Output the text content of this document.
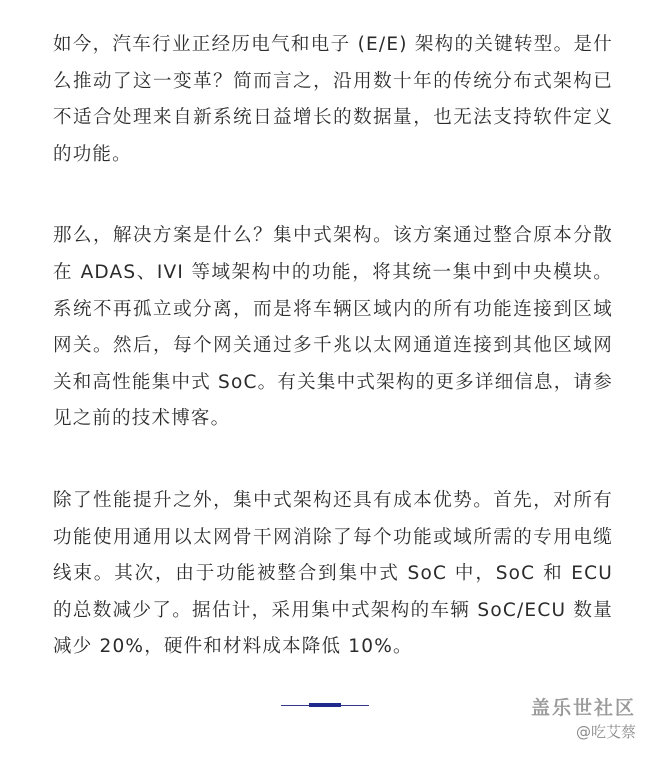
如今，汽车行业正经历电气和电子 (E/E) 架构的关键转型。是什么推动了这一变革？简而言之，沿用数十年的传统分布式架构已不适合处理来自新系统日益增长的数据量，也无法支持软件定义的功能。

那么，解决方案是什么？集中式架构。该方案通过整合原本分散在 ADAS、IVI 等域架构中的功能，将其统一集中到中央模块。系统不再孤立或分离，而是将车辆区域内的所有功能连接到区域网关。然后，每个网关通过多千兆以太网通道连接到其他区域网关和高性能集中式 SoC。有关集中式架构的更多详细信息，请参见之前的技术博客。

除了性能提升之外，集中式架构还具有成本优势。首先，对所有功能使用通用以太网骨干网消除了每个功能或域所需的专用电缆线束。其次，由于功能被整合到集中式 SoC 中，SoC 和 ECU 的总数减少了。据估计，采用集中式架构的车辆 SoC/ECU 数量减少 20%，硬件和材料成本降低 10%。

盖乐世社区
@吃艾蔡
